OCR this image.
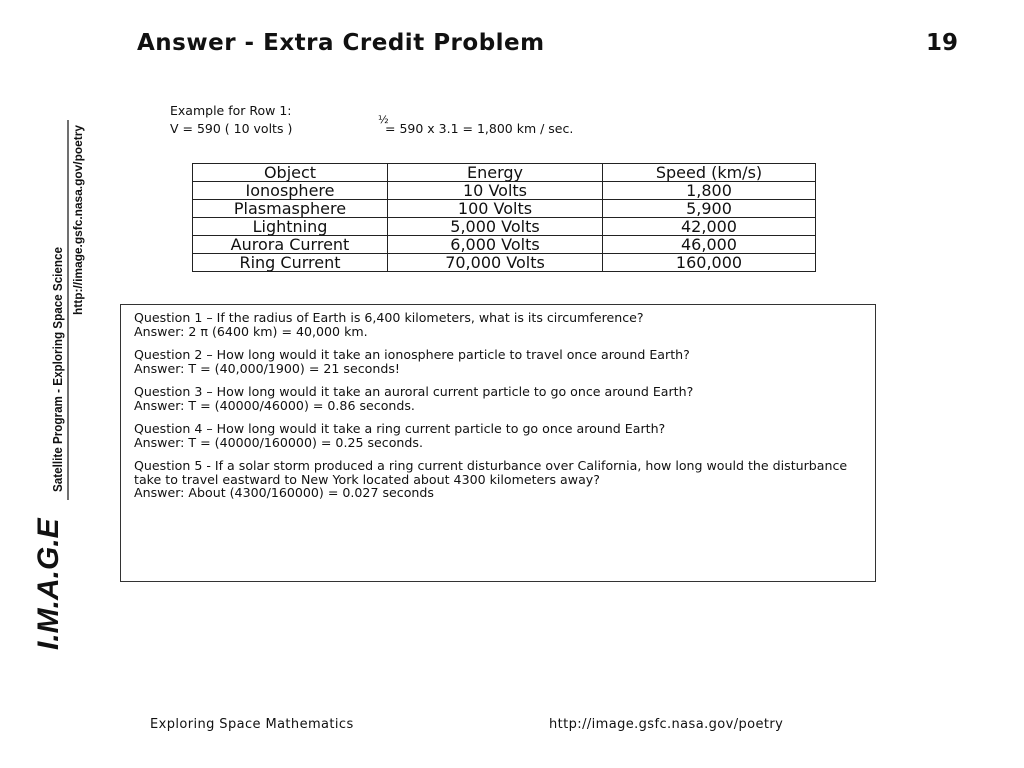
Answer - Extra Credit Problem	19
Example for Row 1:
V = 590 ( 10 volts )
½
= 590 x 3.1 = 1,800 km / sec.
Object	Energy	Speed (km/s)
Ionosphere	10 Volts	1,800
Plasmasphere	100 Volts	5,900
Lightning	5,000 Volts	42,000
Aurora Current	6,000 Volts	46,000
Ring Current	70,000 Volts	160,000
Question 1 – If the radius of Earth is 6,400 kilometers, what is its circumference?
Answer: 2 π (6400 km) = 40,000 km.
Question 2 – How long would it take an ionosphere particle to travel once around Earth?
Answer: T = (40,000/1900) = 21 seconds!
Question 3 – How long would it take an auroral current particle to go once around Earth?
Answer: T = (40000/46000) = 0.86 seconds.
Question 4 – How long would it take a ring current particle to go once around Earth?
Answer: T = (40000/160000) = 0.25 seconds.
Question 5 - If a solar storm produced a ring current disturbance over California, how long would the disturbance take to travel eastward to New York located about 4300 kilometers away?
Answer: About (4300/160000) = 0.027 seconds
I.M.A.G.E
Satellite Program - Exploring Space Science
http://image.gsfc.nasa.gov/poetry
Exploring Space Mathematics	http://image.gsfc.nasa.gov/poetry
